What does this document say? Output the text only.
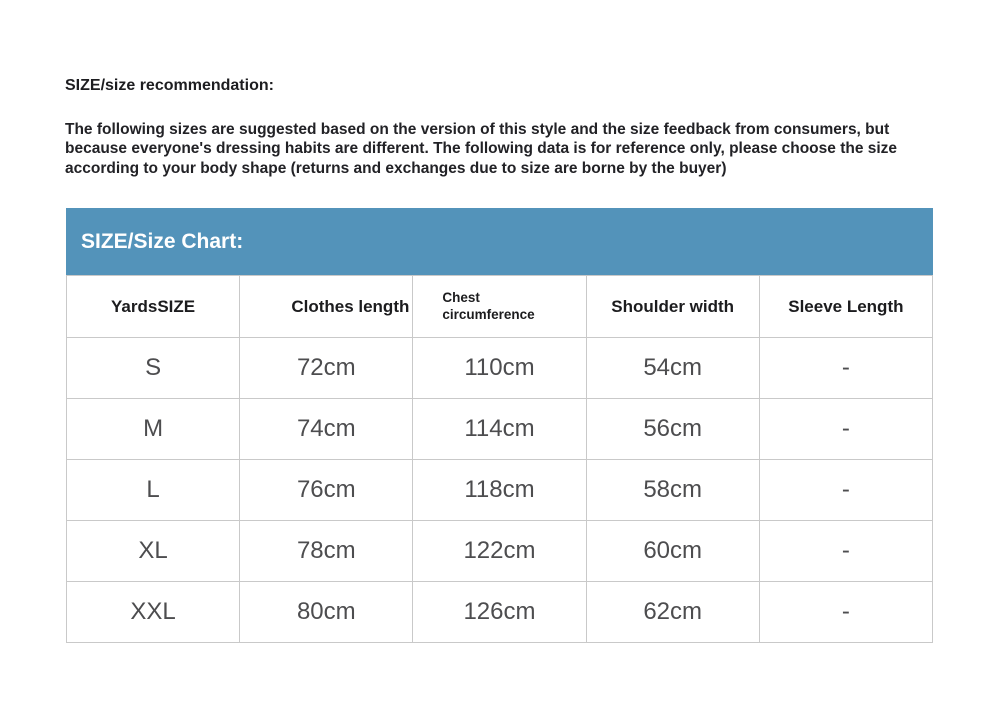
SIZE/size recommendation:
The following sizes are suggested based on the version of this style and the size feedback from consumers, but because everyone's dressing habits are different. The following data is for reference only, please choose the size according to your body shape (returns and exchanges due to size are borne by the buyer)
SIZE/Size Chart:
YardsSIZE	Clothes length	Chest circumference	Shoulder width	Sleeve Length
S	72cm	110cm	54cm	-
M	74cm	114cm	56cm	-
L	76cm	118cm	58cm	-
XL	78cm	122cm	60cm	-
XXL	80cm	126cm	62cm	-
